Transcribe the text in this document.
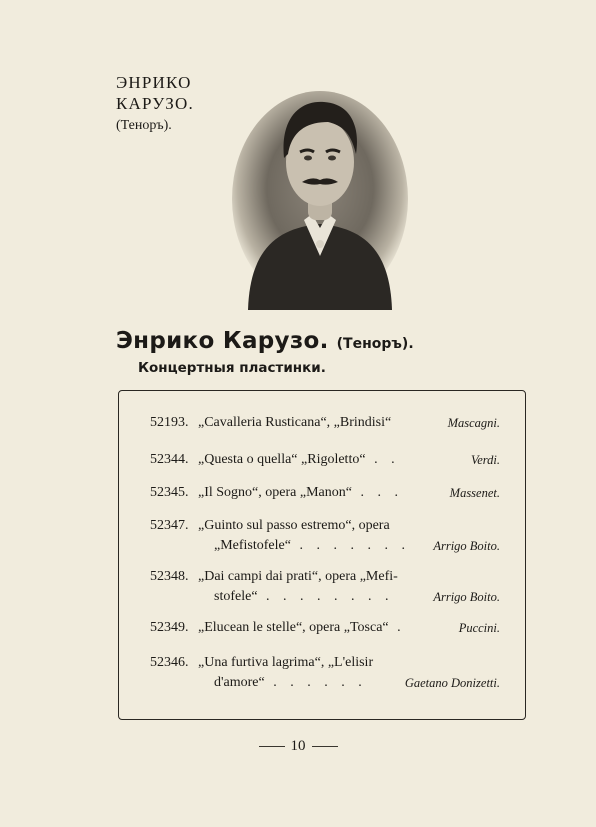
ЭНРИКО
КАРУЗО.
(Теноръ).
Энрико Карузо. (Теноръ).
Концертныя пластинки.
52193. „Cavalleria Rusticana“, „Brindisi“	Mascagni.
52344. „Questa o quella“ „Rigoletto“ . .	Verdi.
52345. „Il Sogno“, opera „Manon“ . . .	Massenet.
52347. „Guinto sul passo estremo“, opera
„Mefistofele“ . . . . . . . Arrigo Boito.
52348. „Dai campi dai prati“, opera „Mefi-
stofele“ . . . . . . . .	Arrigo Boito.
52349. „Elucean le stelle“, opera „Tosca“ .	Puccini.
52346. „Una furtiva lagrima“, „L'elisir
d'amore“ . . . . . .	Gaetano Donizetti.
10
